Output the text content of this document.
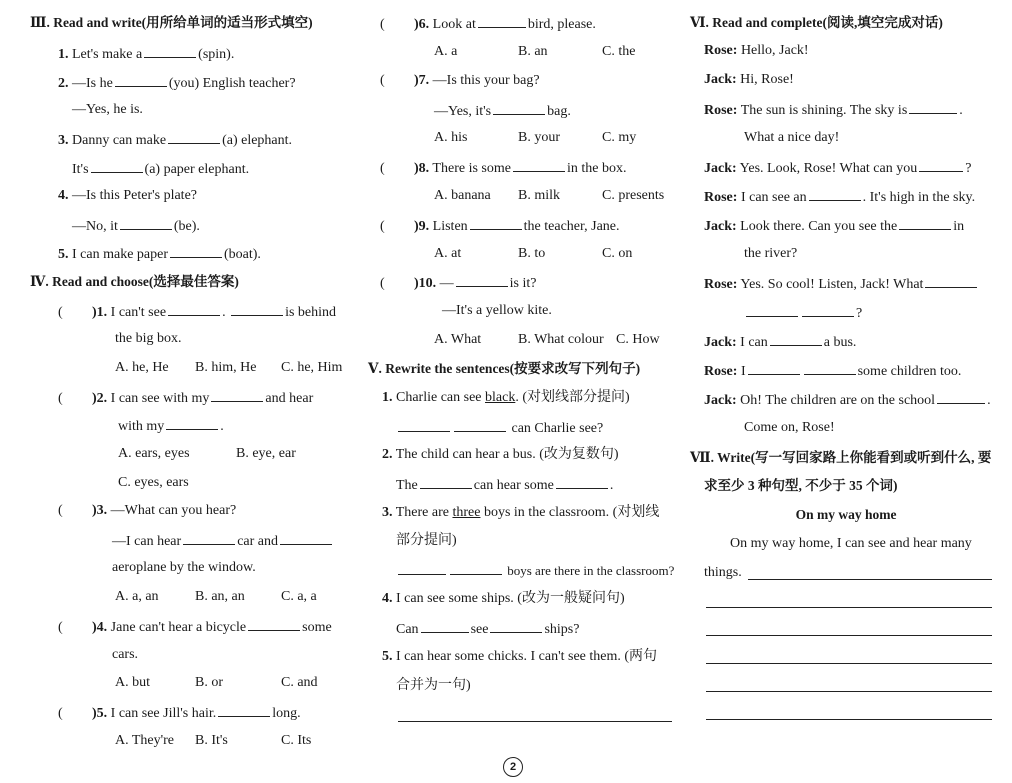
Ⅲ. Read and write(用所给单词的适当形式填空)
1. Let's make a	(spin).
2. —Is he	(you) English teacher?
—Yes, he is.
3. Danny can make	(a) elephant.
It's	(a) paper elephant.
4. —Is this Peter's plate?
—No, it	(be).
5. I can make paper	(boat).
Ⅳ. Read and choose(选择最佳答案)
( )1. I can't see	.	is behind
the big box.
A. he, He B. him, He C. he, Him
( )2. I can see with my	and hear
with my	.
A. ears, eyes	B. eye, ear
C. eyes, ears
( )3. —What can you hear?
—I can hear	car and
aeroplane by the window.
A. a, an	B. an, an	C. a, a
( )4. Jane can't hear a bicycle	some
cars.
A. but	B. or	C. and
( )5. I can see Jill's hair.	long.
A. They're B. It's	C. Its
( )6. Look at	bird, please.
A. a	B. an	C. the
( )7. —Is this your bag?
—Yes, it's	bag.
A. his	B. your	C. my
( )8. There is some	in the box.
A. banana B. milk	C. presents
( )9. Listen	the teacher, Jane.
A. at	B. to	C. on
( )10. —	is it?
—It's a yellow kite.
A. What	B. What colour C. How
Ⅴ. Rewrite the sentences(按要求改写下列句子)
1. Charlie can see black. (对划线部分提问)
can Charlie see?
2. The child can hear a bus. (改为复数句)
The	can hear some	.
3. There are three boys in the classroom. (对划线
部分提问)
boys are there in the classroom?
4. I can see some ships. (改为一般疑问句)
Can	see	ships?
5. I can hear some chicks. I can't see them. (两句
合并为一句)
Ⅵ. Read and complete(阅读,填空完成对话)
Rose: Hello, Jack!
Jack: Hi, Rose!
Rose: The sun is shining. The sky is	.
What a nice day!
Jack: Yes. Look, Rose! What can you	?
Rose: I can see an	. It's high in the sky.
Jack: Look there. Can you see the	in
the river?
Rose: Yes. So cool! Listen, Jack! What
?
Jack: I can	a bus.
Rose: I	some children too.
Jack: Oh! The children are on the school	.
Come on, Rose!
Ⅶ. Write(写一写回家路上你能看到或听到什么, 要
求至少 3 种句型, 不少于 35 个词)
On my way home
On my way home, I can see and hear many
things.
2
